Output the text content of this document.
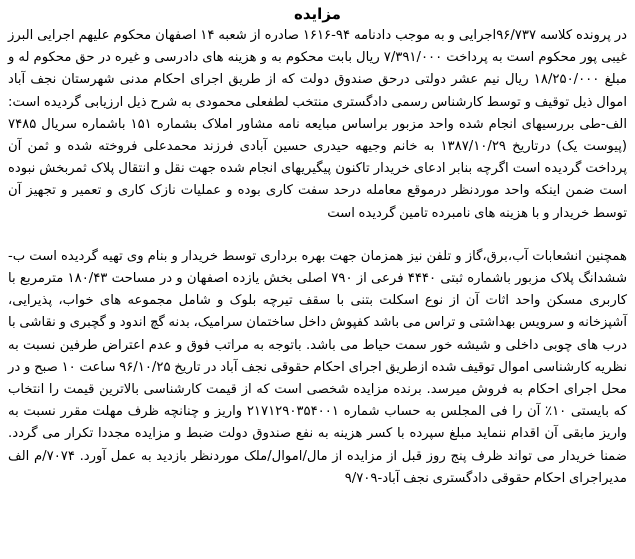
مزایده

در پرونده کلاسه ۹۶/۷۳۷اجرایی و به موجب دادنامه ۹۴-۱۶۱۶ صادره از شعبه ۱۴ اصفهان محکوم علیهم اجرایی البرز غیبی پور محکوم است به پرداخت ۷/۳۹۱/۰۰۰ ریال بابت محکوم به و هزینه های دادرسی و غیره در حق محکوم له و مبلغ ۱۸/۲۵۰/۰۰۰ ریال نیم عشر دولتی درحق صندوق دولت که از طریق اجرای احکام مدنی شهرستان نجف آباد اموال ذیل توقیف و توسط کارشناس رسمی دادگستری منتخب لطفعلی محمودی به شرح ذیل ارزیابی گردیده است: الف-طی بررسیهای انجام شده واحد مزبور براساس مبایعه نامه مشاور املاک بشماره ۱۵۱ باشماره سریال ۷۴۸۵ (پیوست یک) درتاریخ ۱۳۸۷/۱۰/۲۹ به خانم وجیهه حیدری حسین آبادی فرزند محمدعلی فروخته شده و ثمن آن پرداخت گردیده است اگرچه بنابر ادعای خریدار تاکنون پیگیریهای انجام شده جهت نقل و انتقال پلاک ثمربخش نبوده است ضمن اینکه واحد موردنظر درموقع معامله درحد سفت کاری بوده و عملیات نازک کاری و تعمیر و تجهیز آن توسط خریدار و با هزینه های نامبرده تامین گردیده است

همچنین انشعابات آب،برق،گاز و تلفن نیز همزمان جهت بهره برداری توسط خریدار و بنام وی تهیه گردیده است ب-ششدانگ پلاک مزبور باشماره ثبتی ۴۴۴۰ فرعی از ۷۹۰ اصلی بخش یازده اصفهان و در مساحت ۱۸۰/۴۳ مترمربع با کاربری مسکن واحد اثات آن از نوع اسکلت بتنی با سقف تیرچه بلوک و شامل مجموعه های خواب، پذیرایی، آشپزخانه و سرویس بهداشتی و تراس می باشد کفپوش داخل ساختمان سرامیک، بدنه گچ اندود و گچبری و نقاشی با درب های چوبی داخلی و شیشه خور سمت حیاط می باشد. باتوجه به مراتب فوق و عدم اعتراض طرفین نسبت به نظریه کارشناسی اموال توقیف شده ازطریق اجرای احکام حقوقی نجف آباد در تاریخ ۹۶/۱۰/۲۵ ساعت ۱۰ صبح و در محل اجرای احکام به فروش میرسد. برنده مزایده شخصی است که از قیمت کارشناسی بالاترین قیمت را انتخاب که بایستی ۱۰٪ آن را فی المجلس به حساب شماره ۲۱۷۱۲۹۰۳۵۴۰۰۱ واریز و چنانچه ظرف مهلت مقرر نسبت به واریز مابقی آن اقدام ننماید مبلغ سپرده با کسر هزینه به نفع صندوق دولت ضبط و مزایده مجددا تکرار می گردد. ضمنا خریدار می تواند ظرف پنج روز قبل از مزایده از مال/اموال/ملک موردنظر بازدید به عمل آورد. ۷۰۷۴/م الف مدیراجرای احکام حقوقی دادگستری نجف آباد-۹/۷۰۹
